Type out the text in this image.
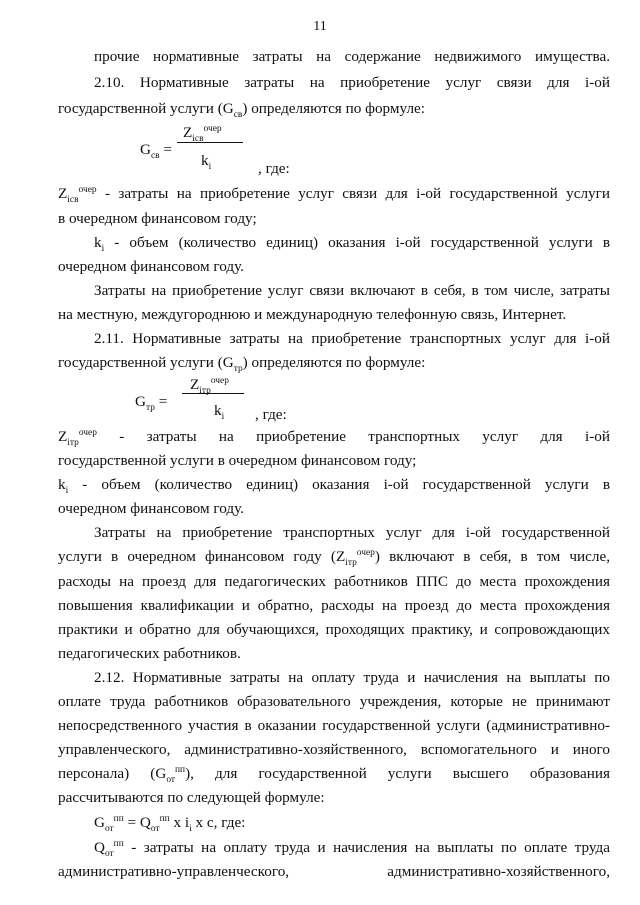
11
прочие нормативные затраты на содержание недвижимого имущества.
2.10. Нормативные затраты на приобретение услуг связи для i-ой
государственной услуги $(G_{св})$ определяются по формуле:
$Z_{iсв}^{очер}$
$G_{св}$ =
$k_i$	, где:
$Z_{iсв}^{очер}$ - затраты на приобретение услуг связи для i-ой государственной услуги
в очередном финансовом году;
$k_i$ - объем (количество единиц) оказания i-ой государственной услуги в
очередном финансовом году.
Затраты на приобретение услуг связи включают в себя, в том числе, затраты
на местную, междугороднюю и международную телефонную связь, Интернет.
2.11. Нормативные затраты на приобретение транспортных услуг для i-ой
государственной услуги $(G_{тр})$ определяются по формуле:
$Z_{iтр}^{очер}$
$G_{тр}$ =
$k_i$ , где:
$Z_{iтр}^{очер}$ - затраты на приобретение транспортных услуг для i-ой
государственной услуги в очередном финансовом году;
$k_i$ - объем (количество единиц) оказания i-ой государственной услуги в
очередном финансовом году.
Затраты на приобретение транспортных услуг для i-ой государственной
услуги в очередном финансовом году $(Z_{iтр}^{очер})$ включают в себя, в том числе,
расходы на проезд для педагогических работников ППС до места прохождения
повышения квалификации и обратно, расходы на проезд до места прохождения
практики и обратно для обучающихся, проходящих практику, и сопровождающих
педагогических работников.
2.12. Нормативные затраты на оплату труда и начисления на выплаты по
оплате труда работников образовательного учреждения, которые не принимают
непосредственного участия в оказании государственной услуги (административно-
управленческого, административно-хозяйственного, вспомогательного и иного
персонала) $(G_{от}^{пп})$, для государственной услуги высшего образования
рассчитываются по следующей формуле:
$G_{от}^{пп} = Q_{от}^{пп}$ x $i_i$ x c, где:
$Q_{от}^{пп}$ - затраты на оплату труда и начисления на выплаты по оплате труда
административно-управленческого, административно-хозяйственного,
